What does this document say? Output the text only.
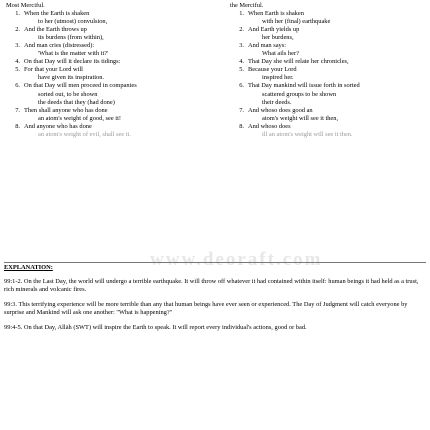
Most Merciful.
1. When the Earth is shaken
to her (utmost) convulsion,
2. And the Earth throws up
its burdens (from within),
3. And man cries (distressed):
'What is the matter with it?'
4. On that Day will it declare its tidings:
5. For that your Lord will
have given its inspiration.
6. On that Day will men proceed in companies
sorted out, to be shown
the deeds that they (had done)
7. Then shall anyone who has done
an atom's weight of good, see it!
8. And anyone who has done
an atom's weight of evil, shall see it.
the Merciful.
1. When Earth is shaken
with her (final) earthquake
2. And Earth yields up
her burdens,
3. And man says:
What ails her?
4. That Day she will relate her chronicles,
5. Because your Lord
inspired her.
6. That Day mankind will issue forth in sorted
scattered groups to be shown
their deeds.
7. And whoso does good an
atom's weight will see it then,
8. And whoso does
ill an atom's weight will see it then.
www.deoraft.com
EXPLANATION:

99:1-2. On the Last Day, the world will undergo a terrible earthquake. It will throw off whatever it had contained within itself: human beings it had held as a trust, rich minerals and volcanic fires.

99:3. This terrifying experience will be more terrible than any that human beings have ever seen or experienced. The Day of Judgment will catch everyone by surprise and Mankind will ask one another: "What is happening?"

99:4-5. On that Day, Allāh (SWT) will inspire the Earth to speak. It will report every individual's actions, good or bad.
